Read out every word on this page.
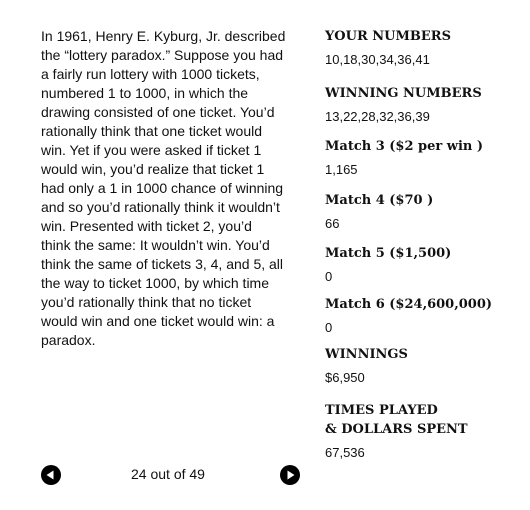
In 1961, Henry E. Kyburg, Jr. described
the “lottery paradox.” Suppose you had
a fairly run lottery with 1000 tickets,
numbered 1 to 1000, in which the
drawing consisted of one ticket. You’d
rationally think that one ticket would
win. Yet if you were asked if ticket 1
would win, you’d realize that ticket 1
had only a 1 in 1000 chance of winning
and so you’d rationally think it wouldn’t
win. Presented with ticket 2, you’d
think the same: It wouldn’t win. You’d
think the same of tickets 3, 4, and 5, all
the way to ticket 1000, by which time
you’d rationally think that no ticket
would win and one ticket would win: a
paradox.
YOUR NUMBERS
10,18,30,34,36,41
WINNING NUMBERS
13,22,28,32,36,39
Match 3 ($2 per win )
1,165
Match 4 ($70 )
66
Match 5 ($1,500)
0
Match 6 ($24,600,000)
0
WINNINGS
$6,950
TIMES PLAYED
& DOLLARS SPENT
67,536
24 out of 49
